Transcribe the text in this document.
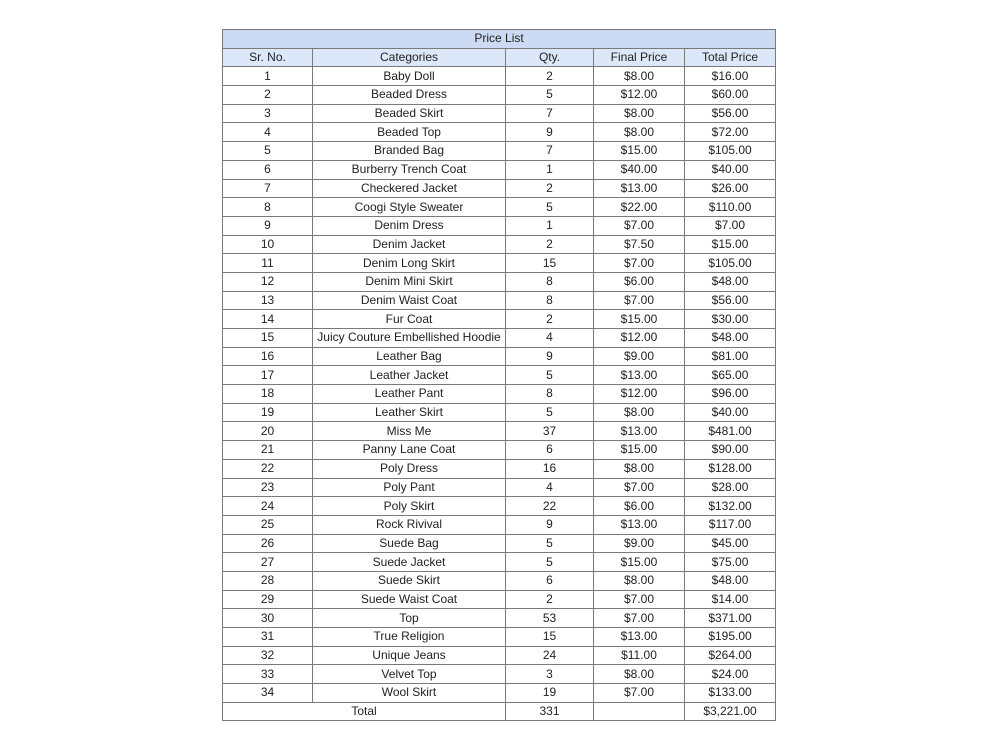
Price List				
Sr. No.	Categories	Qty.	Final Price	Total Price
1	Baby Doll	2	$8.00	$16.00
2	Beaded Dress	5	$12.00	$60.00
3	Beaded Skirt	7	$8.00	$56.00
4	Beaded Top	9	$8.00	$72.00
5	Branded Bag	7	$15.00	$105.00
6	Burberry Trench Coat	1	$40.00	$40.00
7	Checkered Jacket	2	$13.00	$26.00
8	Coogi Style Sweater	5	$22.00	$110.00
9	Denim Dress	1	$7.00	$7.00
10	Denim Jacket	2	$7.50	$15.00
11	Denim Long Skirt	15	$7.00	$105.00
12	Denim Mini Skirt	8	$6.00	$48.00
13	Denim Waist Coat	8	$7.00	$56.00
14	Fur Coat	2	$15.00	$30.00
15	Juicy Couture Embellished Hoodie	4	$12.00	$48.00
16	Leather Bag	9	$9.00	$81.00
17	Leather Jacket	5	$13.00	$65.00
18	Leather Pant	8	$12.00	$96.00
19	Leather Skirt	5	$8.00	$40.00
20	Miss Me	37	$13.00	$481.00
21	Panny Lane Coat	6	$15.00	$90.00
22	Poly Dress	16	$8.00	$128.00
23	Poly Pant	4	$7.00	$28.00
24	Poly Skirt	22	$6.00	$132.00
25	Rock Rivival	9	$13.00	$117.00
26	Suede Bag	5	$9.00	$45.00
27	Suede Jacket	5	$15.00	$75.00
28	Suede Skirt	6	$8.00	$48.00
29	Suede Waist Coat	2	$7.00	$14.00
30	Top	53	$7.00	$371.00
31	True Religion	15	$13.00	$195.00
32	Unique Jeans	24	$11.00	$264.00
33	Velvet Top	3	$8.00	$24.00
34	Wool Skirt	19	$7.00	$133.00
Total		331		$3,221.00
